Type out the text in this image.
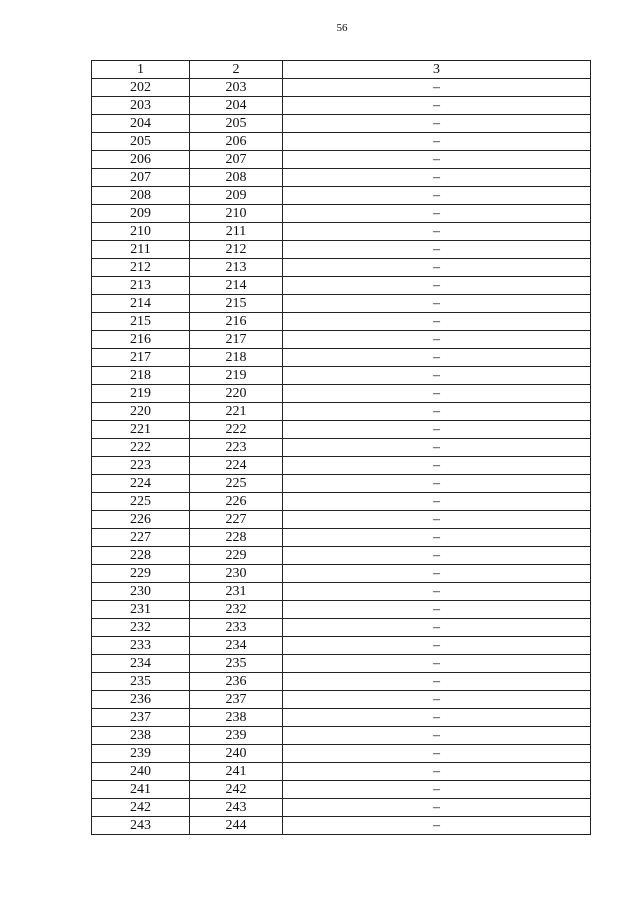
56
1	2	3
202	203	–
203	204	–
204	205	–
205	206	–
206	207	–
207	208	–
208	209	–
209	210	–
210	211	–
211	212	–
212	213	–
213	214	–
214	215	–
215	216	–
216	217	–
217	218	–
218	219	–
219	220	–
220	221	–
221	222	–
222	223	–
223	224	–
224	225	–
225	226	–
226	227	–
227	228	–
228	229	–
229	230	–
230	231	–
231	232	–
232	233	–
233	234	–
234	235	–
235	236	–
236	237	–
237	238	–
238	239	–
239	240	–
240	241	–
241	242	–
242	243	–
243	244	–
